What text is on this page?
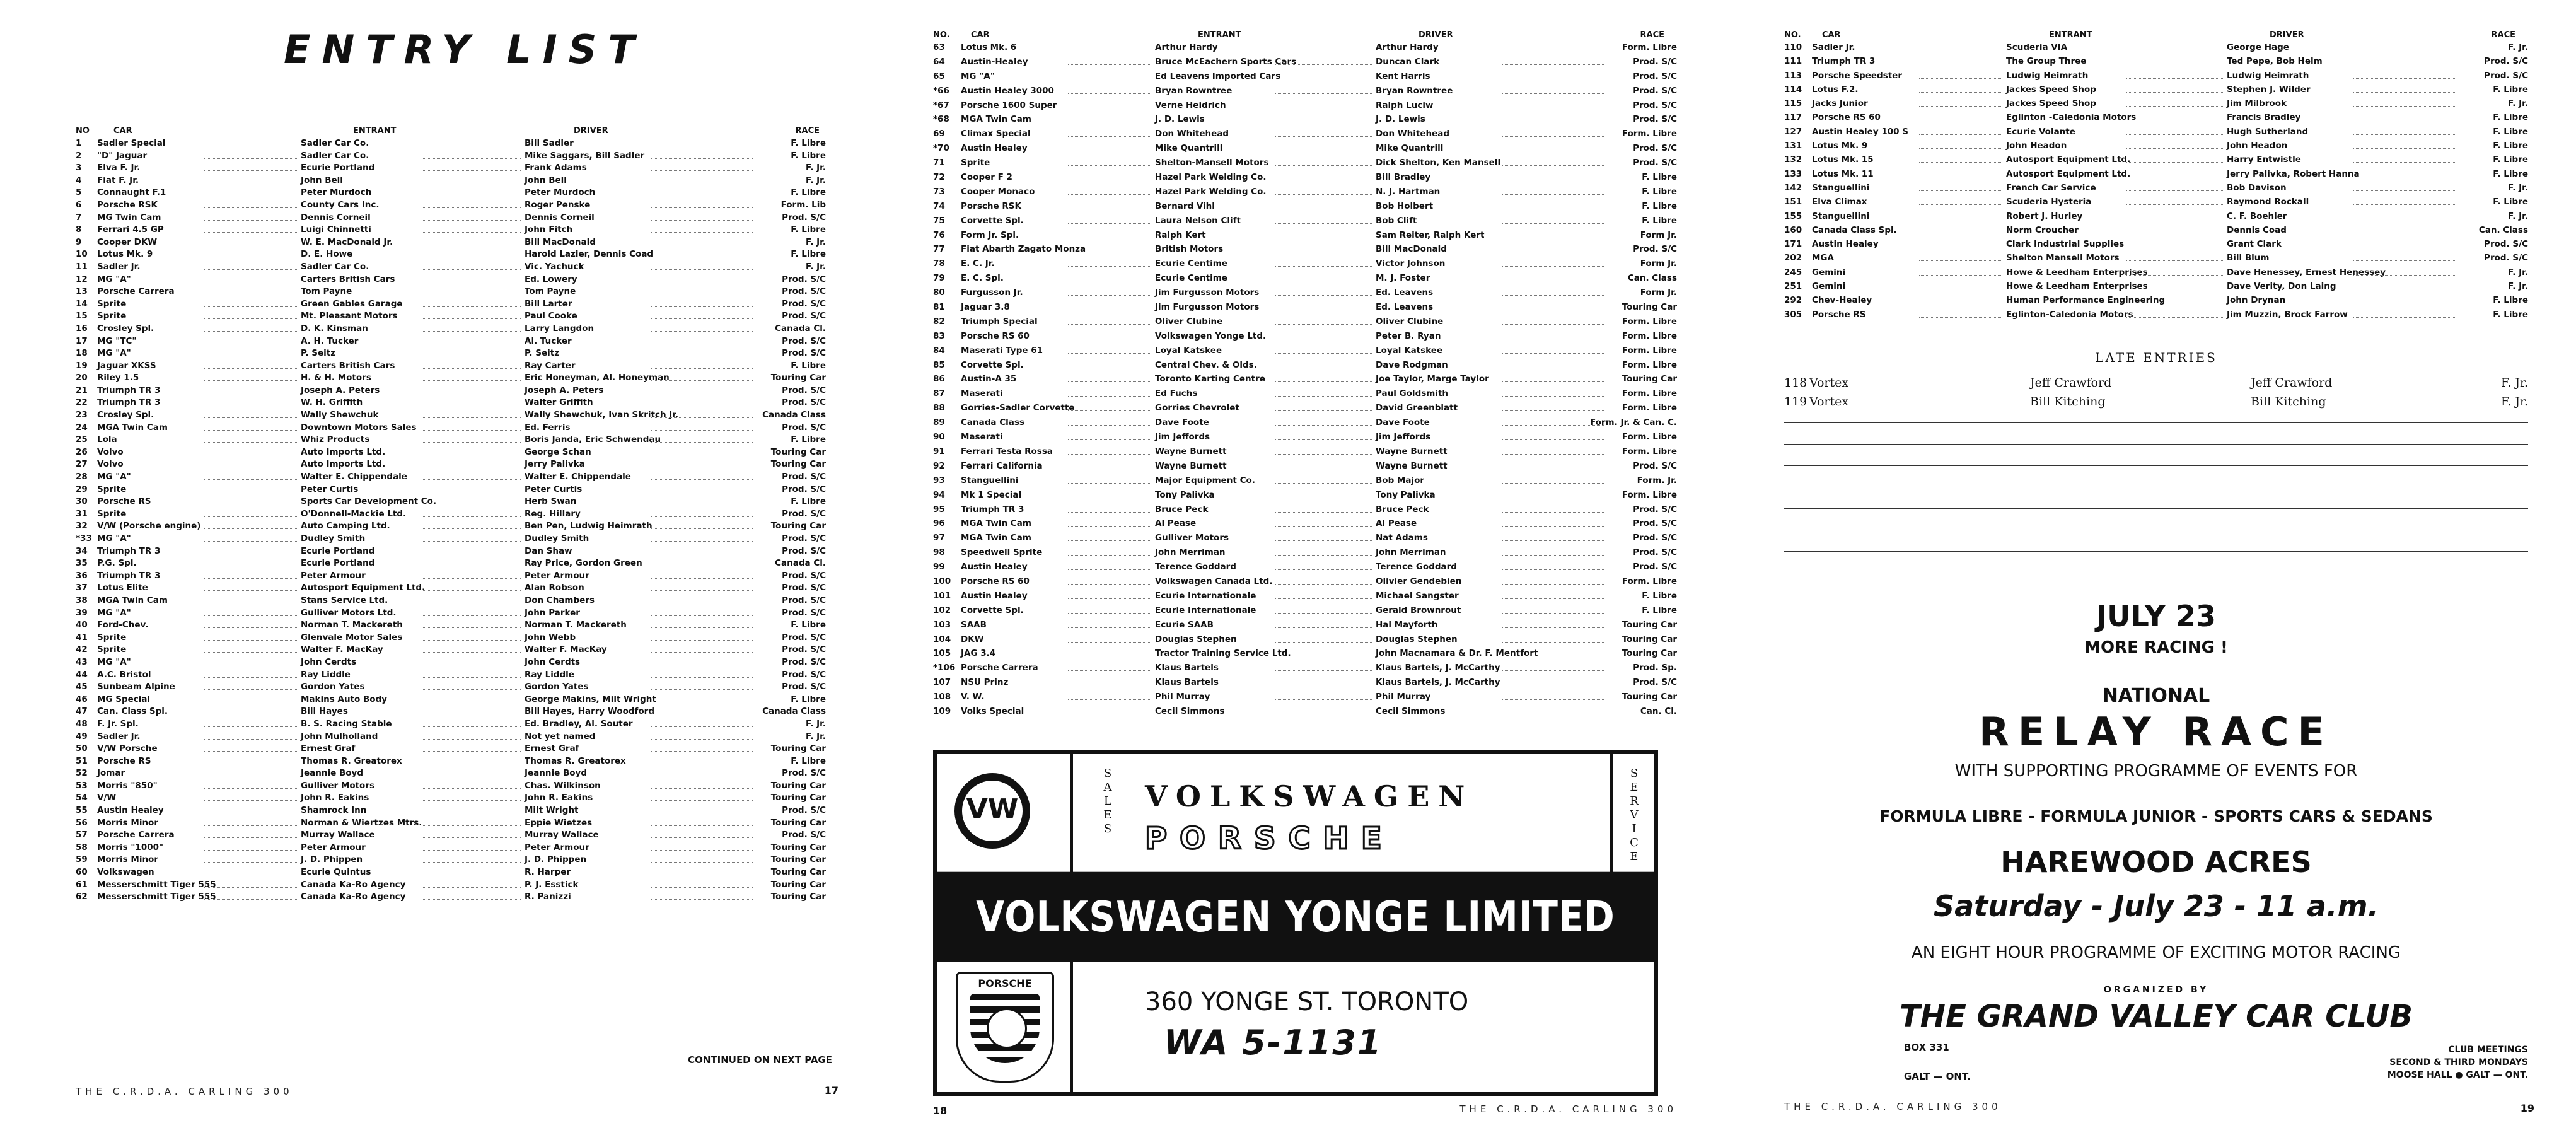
ENTRY LIST
NO	CAR	ENTRANT	DRIVER	RACE
1 Sadler Special	Sadler Car Co.	Bill Sadler	F. Libre
2 "D" Jaguar	Sadler Car Co.	Mike Saggars, Bill Sadler	F. Libre
3 Elva F. Jr.	Ecurie Portland	Frank Adams	F. Jr.
4 Fiat F. Jr.	John Bell	John Bell	F. Jr.
5 Connaught F.1	Peter Murdoch	Peter Murdoch	F. Libre
6 Porsche RSK	County Cars Inc.	Roger Penske	Form. Lib
7 MG Twin Cam	Dennis Corneil	Dennis Corneil	Prod. S/C
8 Ferrari 4.5 GP	Luigi Chinnetti	John Fitch	F. Libre
9 Cooper DKW	W. E. MacDonald Jr.	Bill MacDonald	F. Jr.
10 Lotus Mk. 9	D. E. Howe	Harold Lazier, Dennis Coad	F. Libre
11 Sadler Jr.	Sadler Car Co.	Vic. Yachuck	F. Jr.
12 MG "A"	Carters British Cars	Ed. Lowery	Prod. S/C
13 Porsche Carrera	Tom Payne	Tom Payne	Prod. S/C
14 Sprite	Green Gables Garage	Bill Larter	Prod. S/C
15 Sprite	Mt. Pleasant Motors	Paul Cooke	Prod. S/C
16 Crosley Spl.	D. K. Kinsman	Larry Langdon	Canada Cl.
17 MG "TC"	A. H. Tucker	Al. Tucker	Prod. S/C
18 MG "A"	P. Seitz	P. Seitz	Prod. S/C
19 Jaguar XKSS	Carters British Cars	Ray Carter	F. Libre
20 Riley 1.5	H. & H. Motors	Eric Honeyman, Al. Honeyman	Touring Car
21 Triumph TR 3	Joseph A. Peters	Joseph A. Peters	Prod. S/C
22 Triumph TR 3	W. H. Griffith	Walter Griffith	Prod. S/C
23 Crosley Spl.	Wally Shewchuk	Wally Shewchuk, Ivan Skritch Jr.	Canada Class
24 MGA Twin Cam	Downtown Motors Sales	Ed. Ferris	Prod. S/C
25 Lola	Whiz Products	Boris Janda, Eric Schwendau	F. Libre
26 Volvo	Auto Imports Ltd.	George Schan	Touring Car
27 Volvo	Auto Imports Ltd.	Jerry Palivka	Touring Car
28 MG "A"	Walter E. Chippendale	Walter E. Chippendale	Prod. S/C
29 Sprite	Peter Curtis	Peter Curtis	Prod. S/C
30 Porsche RS	Sports Car Development Co.	Herb Swan	F. Libre
31 Sprite	O'Donnell-Mackie Ltd.	Reg. Hillary	Prod. S/C
32 V/W (Porsche engine)	Auto Camping Ltd.	Ben Pen, Ludwig Heimrath	Touring Car
*33 MG "A"	Dudley Smith	Dudley Smith	Prod. S/C
34 Triumph TR 3	Ecurie Portland	Dan Shaw	Prod. S/C
35 P.G. Spl.	Ecurie Portland	Ray Price, Gordon Green	Canada Cl.
36 Triumph TR 3	Peter Armour	Peter Armour	Prod. S/C
37 Lotus Elite	Autosport Equipment Ltd.	Alan Robson	Prod. S/C
38 MGA Twin Cam	Stans Service Ltd.	Don Chambers	Prod. S/C
39 MG "A"	Gulliver Motors Ltd.	John Parker	Prod. S/C
40 Ford-Chev.	Norman T. Mackereth	Norman T. Mackereth	F. Libre
41 Sprite	Glenvale Motor Sales	John Webb	Prod. S/C
42 Sprite	Walter F. MacKay	Walter F. MacKay	Prod. S/C
43 MG "A"	John Cerdts	John Cerdts	Prod. S/C
44 A.C. Bristol	Ray Liddle	Ray Liddle	Prod. S/C
45 Sunbeam Alpine	Gordon Yates	Gordon Yates	Prod. S/C
46 MG Special	Makins Auto Body	George Makins, Milt Wright	F. Libre
47 Can. Class Spl.	Bill Hayes	Bill Hayes, Harry Woodford	Canada Class
48 F. Jr. Spl.	B. S. Racing Stable	Ed. Bradley, Al. Souter	F. Jr.
49 Sadler Jr.	John Mulholland	Not yet named	F. Jr.
50 V/W Porsche	Ernest Graf	Ernest Graf	Touring Car
51 Porsche RS	Thomas R. Greatorex	Thomas R. Greatorex	F. Libre
52 Jomar	Jeannie Boyd	Jeannie Boyd	Prod. S/C
53 Morris "850"	Gulliver Motors	Chas. Wilkinson	Touring Car
54 V/W	John R. Eakins	John R. Eakins	Touring Car
55 Austin Healey	Shamrock Inn	Milt Wright	Prod. S/C
56 Morris Minor	Norman & Wiertzes Mtrs.	Eppie Wietzes	Touring Car
57 Porsche Carrera	Murray Wallace	Murray Wallace	Prod. S/C
58 Morris "1000"	Peter Armour	Peter Armour	Touring Car
59 Morris Minor	J. D. Phippen	J. D. Phippen	Touring Car
60 Volkswagen	Ecurie Quintus	R. Harper	Touring Car
61 Messerschmitt Tiger 555	Canada Ka-Ro Agency	P. J. Esstick	Touring Car
62 Messerschmitt Tiger 555	Canada Ka-Ro Agency	R. Panizzi	Touring Car
CONTINUED ON NEXT PAGE
THE C.R.D.A. CARLING 300	17
NO.	CAR	ENTRANT	DRIVER	RACE
63 Lotus Mk. 6	Arthur Hardy	Arthur Hardy	Form. Libre
64 Austin-Healey	Bruce McEachern Sports Cars	Duncan Clark	Prod. S/C
65 MG "A"	Ed Leavens Imported Cars	Kent Harris	Prod. S/C
*66 Austin Healey 3000	Bryan Rowntree	Bryan Rowntree	Prod. S/C
*67 Porsche 1600 Super	Verne Heidrich	Ralph Luciw	Prod. S/C
*68 MGA Twin Cam	J. D. Lewis	J. D. Lewis	Prod. S/C
69 Climax Special	Don Whitehead	Don Whitehead	Form. Libre
*70 Austin Healey	Mike Quantrill	Mike Quantrill	Prod. S/C
71 Sprite	Shelton-Mansell Motors	Dick Shelton, Ken Mansell	Prod. S/C
72 Cooper F 2	Hazel Park Welding Co.	Bill Bradley	F. Libre
73 Cooper Monaco	Hazel Park Welding Co.	N. J. Hartman	F. Libre
74 Porsche RSK	Bernard Vihl	Bob Holbert	F. Libre
75 Corvette Spl.	Laura Nelson Clift	Bob Clift	F. Libre
76 Form Jr. Spl.	Ralph Kert	Sam Reiter, Ralph Kert	Form Jr.
77 Fiat Abarth Zagato Monza	British Motors	Bill MacDonald	Prod. S/C
78 E. C. Jr.	Ecurie Centime	Victor Johnson	Form Jr.
79 E. C. Spl.	Ecurie Centime	M. J. Foster	Can. Class
80 Furgusson Jr.	Jim Furgusson Motors	Ed. Leavens	Form Jr.
81 Jaguar 3.8	Jim Furgusson Motors	Ed. Leavens	Touring Car
82 Triumph Special	Oliver Clubine	Oliver Clubine	Form. Libre
83 Porsche RS 60	Volkswagen Yonge Ltd.	Peter B. Ryan	Form. Libre
84 Maserati Type 61	Loyal Katskee	Loyal Katskee	Form. Libre
85 Corvette Spl.	Central Chev. & Olds.	Dave Rodgman	Form. Libre
86 Austin-A 35	Toronto Karting Centre	Joe Taylor, Marge Taylor	Touring Car
87 Maserati	Ed Fuchs	Paul Goldsmith	Form. Libre
88 Gorries-Sadler Corvette	Gorries Chevrolet	David Greenblatt	Form. Libre
89 Canada Class	Dave Foote	Dave Foote	Form. Jr. & Can. C.
90 Maserati	Jim Jeffords	Jim Jeffords	Form. Libre
91 Ferrari Testa Rossa	Wayne Burnett	Wayne Burnett	Form. Libre
92 Ferrari California	Wayne Burnett	Wayne Burnett	Prod. S/C
93 Stanguellini	Major Equipment Co.	Bob Major	Form. Jr.
94 Mk 1 Special	Tony Palivka	Tony Palivka	Form. Libre
95 Triumph TR 3	Bruce Peck	Bruce Peck	Prod. S/C
96 MGA Twin Cam	Al Pease	Al Pease	Prod. S/C
97 MGA Twin Cam	Gulliver Motors	Nat Adams	Prod. S/C
98 Speedwell Sprite	John Merriman	John Merriman	Prod. S/C
99 Austin Healey	Terence Goddard	Terence Goddard	Prod. S/C
100 Porsche RS 60	Volkswagen Canada Ltd.	Olivier Gendebien	Form. Libre
101 Austin Healey	Ecurie Internationale	Michael Sangster	F. Libre
102 Corvette Spl.	Ecurie Internationale	Gerald Brownrout	F. Libre
103 SAAB	Ecurie SAAB	Hal Mayforth	Touring Car
104 DKW	Douglas Stephen	Douglas Stephen	Touring Car
105 JAG 3.4	Tractor Training Service Ltd.	John Macnamara & Dr. F. Mentfort	Touring Car
*106 Porsche Carrera	Klaus Bartels	Klaus Bartels, J. McCarthy	Prod. Sp.
107 NSU Prinz	Klaus Bartels	Klaus Bartels, J. McCarthy	Prod. S/C
108 V. W.	Phil Murray	Phil Murray	Touring Car
109 Volks Special	Cecil Simmons	Cecil Simmons	Can. Cl.
VW
S
A
L
E
S
S
E
R
V
I
C
E
VOLKSWAGEN
PORSCHE
VOLKSWAGEN YONGE LIMITED
PORSCHE
360 YONGE ST. TORONTO
WA 5-1131
18	THE C.R.D.A. CARLING 300
NO.	CAR	ENTRANT	DRIVER	RACE
110 Sadler Jr.	Scuderia VIA	George Hage	F. Jr.
111 Triumph TR 3	The Group Three	Ted Pepe, Bob Helm	Prod. S/C
113 Porsche Speedster	Ludwig Heimrath	Ludwig Heimrath	Prod. S/C
114 Lotus F.2.	Jackes Speed Shop	Stephen J. Wilder	F. Libre
115 Jacks Junior	Jackes Speed Shop	Jim Milbrook	F. Jr.
117 Porsche RS 60	Eglinton -Caledonia Motors	Francis Bradley	F. Libre
127 Austin Healey 100 S	Ecurie Volante	Hugh Sutherland	F. Libre
131 Lotus Mk. 9	John Headon	John Headon	F. Libre
132 Lotus Mk. 15	Autosport Equipment Ltd.	Harry Entwistle	F. Libre
133 Lotus Mk. 11	Autosport Equipment Ltd.	Jerry Palivka, Robert Hanna	F. Libre
142 Stanguellini	French Car Service	Bob Davison	F. Jr.
151 Elva Climax	Scuderia Hysteria	Raymond Rockall	F. Libre
155 Stanguellini	Robert J. Hurley	C. F. Boehler	F. Jr.
160 Canada Class Spl.	Norm Croucher	Dennis Coad	Can. Class
171 Austin Healey	Clark Industrial Supplies	Grant Clark	Prod. S/C
202 MGA	Shelton Mansell Motors	Bill Blum	Prod. S/C
245 Gemini	Howe & Leedham Enterprises	Dave Henessey, Ernest Henessey	F. Jr.
251 Gemini	Howe & Leedham Enterprises	Dave Verity, Don Laing	F. Jr.
292 Chev-Healey	Human Performance Engineering	John Drynan	F. Libre
305 Porsche RS	Eglinton-Caledonia Motors	Jim Muzzin, Brock Farrow	F. Libre
LATE ENTRIES
118 Vortex	Jeff Crawford	Jeff Crawford	F. Jr.
119 Vortex	Bill Kitching	Bill Kitching	F. Jr.
JULY 23
MORE RACING !
NATIONAL
RELAY RACE
WITH SUPPORTING PROGRAMME OF EVENTS FOR
FORMULA LIBRE - FORMULA JUNIOR - SPORTS CARS & SEDANS
HAREWOOD ACRES
Saturday - July 23 - 11 a.m.
AN EIGHT HOUR PROGRAMME OF EXCITING MOTOR RACING
ORGANIZED BY
THE GRAND VALLEY CAR CLUB
BOX 331
GALT — ONT.
CLUB MEETINGS
SECOND & THIRD MONDAYS
MOOSE HALL ● GALT — ONT.
THE C.R.D.A. CARLING 300	19
